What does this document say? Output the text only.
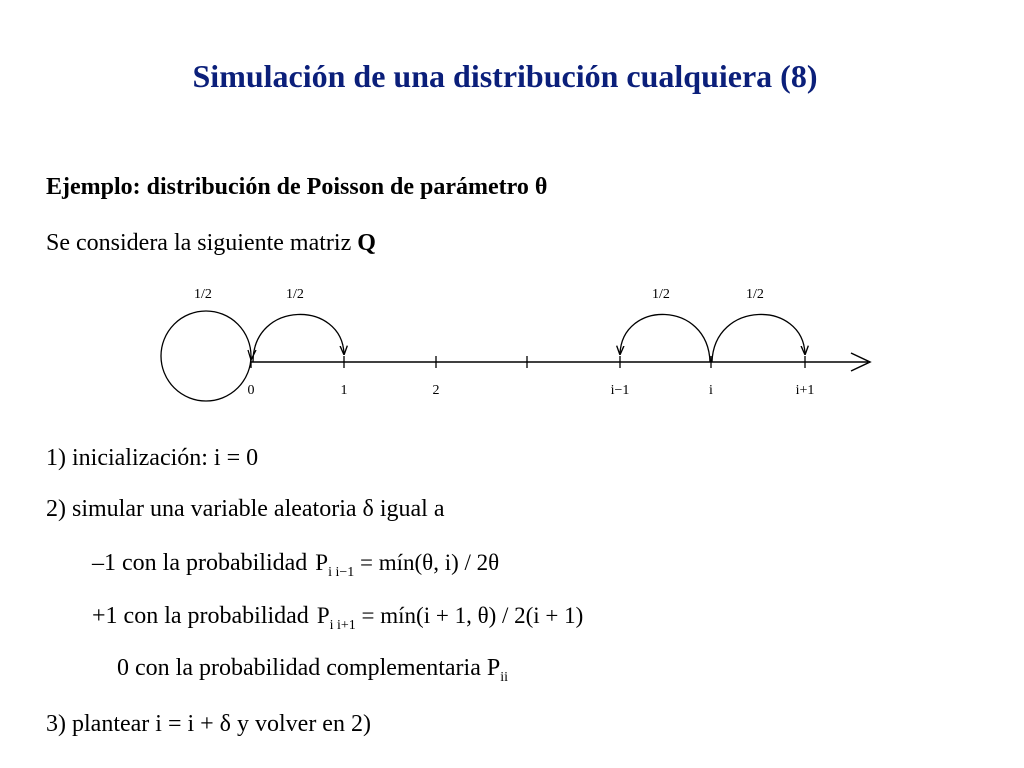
Simulación de una distribución cualquiera (8)
Ejemplo: distribución de Poisson de parámetro θ
Se considera la siguiente matriz Q
1/2	1/2	1/2	1/2
0	1	2	i−1	i	i+1
1) inicialización: i = 0
2) simular una variable aleatoria δ igual a
–1 con la probabilidad $P_{i i-1}$ = mín(θ, i) / 2θ
+1 con la probabilidad $P_{i i+1}$ = mín(i + 1, θ) / 2(i + 1)
0 con la probabilidad complementaria $P_{ii}$
3) plantear i = i + δ y volver en 2)
